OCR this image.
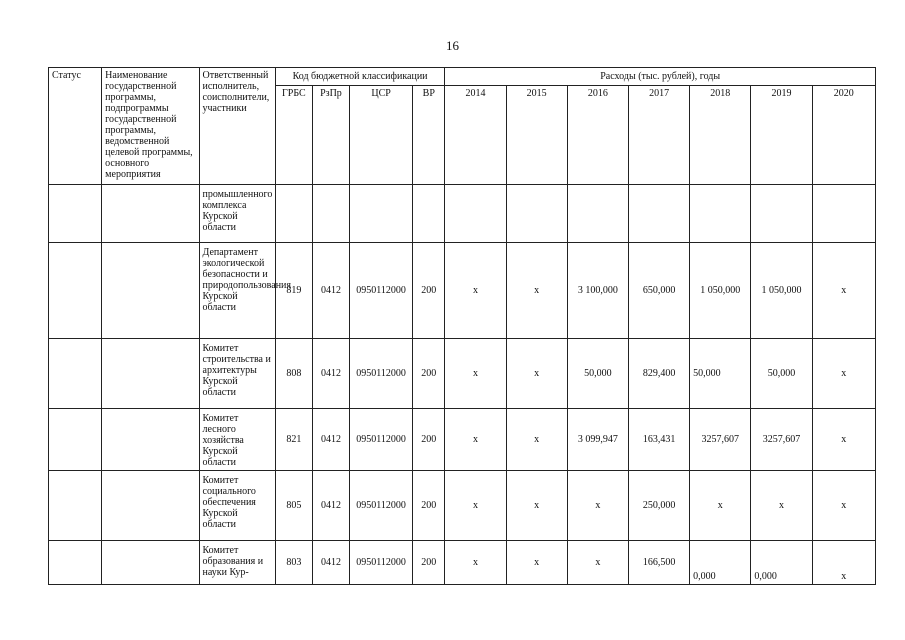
16
Статус	Наименование государственной программы, подпрограммы государственной программы, ведомственной целевой программы, основного мероприятия	Ответственный исполнитель, соисполнители, участники	Код бюджетной классификации				Расходы (тыс. рублей), годы						
			ГРБС	РзПр	ЦСР	ВР	2014	2015	2016	2017	2018	2019	2020
		промышленного комплекса Курской области											
		Департамент экологической безопасности и природопользования Курской области	819	0412	0950112000	200	х	х	3 100,000	650,000	1 050,000	1 050,000	х
		Комитет строительства и архитектуры Курской области	808	0412	0950112000	200	х	х	50,000	829,400	50,000	50,000	х
		Комитет лесного хозяйства Курской области	821	0412	0950112000	200	х	х	3 099,947	163,431	3257,607	3257,607	х
		Комитет социального обеспечения Курской области	805	0412	0950112000	200	х	х	х	250,000	х	х	х
		Комитет образования и науки Кур-	803	0412	0950112000	200	х	х	х	166,500	0,000	0,000	х
